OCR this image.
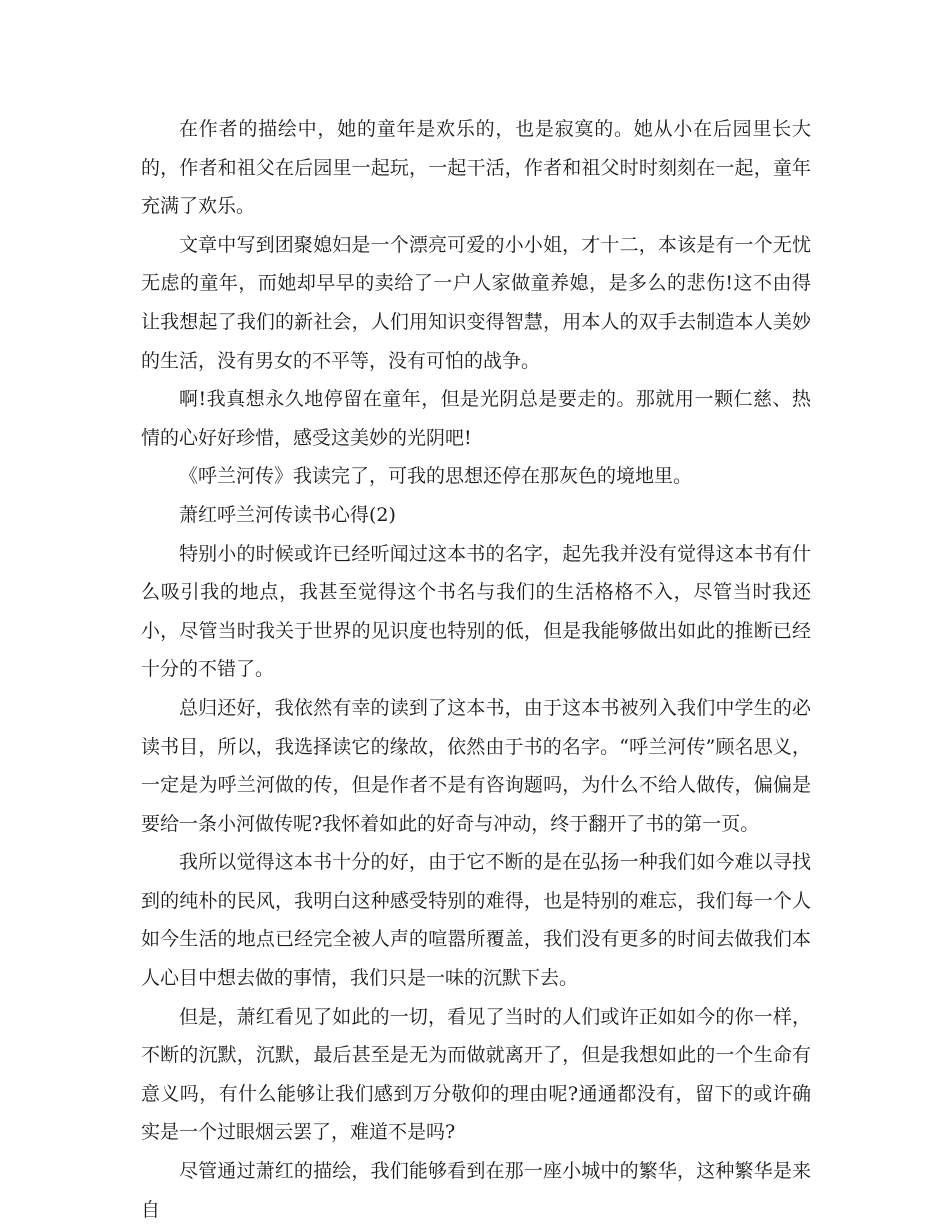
在作者的描绘中，她的童年是欢乐的，也是寂寞的。她从小在后园里长大的，作者和祖父在后园里一起玩，一起干活，作者和祖父时时刻刻在一起，童年充满了欢乐。

文章中写到团聚媳妇是一个漂亮可爱的小小姐，才十二，本该是有一个无忧无虑的童年，而她却早早的卖给了一户人家做童养媳，是多么的悲伤!这不由得让我想起了我们的新社会，人们用知识变得智慧，用本人的双手去制造本人美妙的生活，没有男女的不平等，没有可怕的战争。

啊!我真想永久地停留在童年，但是光阴总是要走的。那就用一颗仁慈、热情的心好好珍惜，感受这美妙的光阴吧!

《呼兰河传》我读完了，可我的思想还停在那灰色的境地里。

萧红呼兰河传读书心得(2)

特别小的时候或许已经听闻过这本书的名字，起先我并没有觉得这本书有什么吸引我的地点，我甚至觉得这个书名与我们的生活格格不入，尽管当时我还小，尽管当时我关于世界的见识度也特别的低，但是我能够做出如此的推断已经十分的不错了。

总归还好，我依然有幸的读到了这本书，由于这本书被列入我们中学生的必读书目，所以，我选择读它的缘故，依然由于书的名字。“呼兰河传”顾名思义，一定是为呼兰河做的传，但是作者不是有咨询题吗，为什么不给人做传，偏偏是要给一条小河做传呢?我怀着如此的好奇与冲动，终于翻开了书的第一页。

我所以觉得这本书十分的好，由于它不断的是在弘扬一种我们如今难以寻找到的纯朴的民风，我明白这种感受特别的难得，也是特别的难忘，我们每一个人如今生活的地点已经完全被人声的喧嚣所覆盖，我们没有更多的时间去做我们本人心目中想去做的事情，我们只是一味的沉默下去。

但是，萧红看见了如此的一切，看见了当时的人们或许正如如今的你一样，不断的沉默，沉默，最后甚至是无为而做就离开了，但是我想如此的一个生命有意义吗，有什么能够让我们感到万分敬仰的理由呢?通通都没有，留下的或许确实是一个过眼烟云罢了，难道不是吗?

尽管通过萧红的描绘，我们能够看到在那一座小城中的繁华，这种繁华是来自
